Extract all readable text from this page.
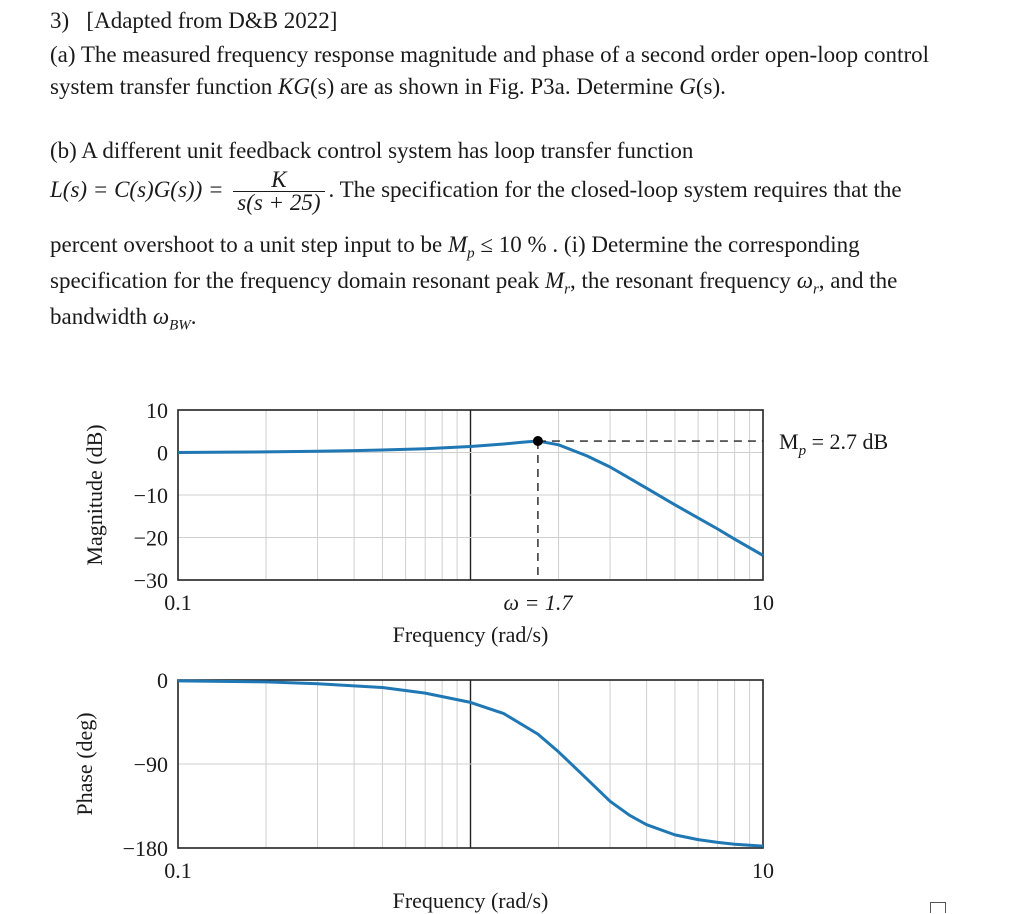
3) [Adapted from D&B 2022]
(a) The measured frequency response magnitude and phase of a second order open-loop control
system transfer function KG(s) are as shown in Fig. P3a. Determine G(s).
(b) A different unit feedback control system has loop transfer function
$L(s) = C(s)G(s)) = \frac{K}{s(s + 25)}$ . The specification for the closed-loop system requires that the
percent overshoot to a unit step input to be $M_p \le 10$ % . (i) Determine the corresponding
specification for the frequency domain resonant peak $M_r$, the resonant frequency $\omega_r$, and the
bandwidth $\omega_{BW}$.
10
0
−10
−20
−30
0.1	10
Magnitude (dB)
Frequency (rad/s)
$M_p = 2.7$ dB
ω = 1.7
0
−90
−180
0.1	10
Phase (deg)
Frequency (rad/s)
